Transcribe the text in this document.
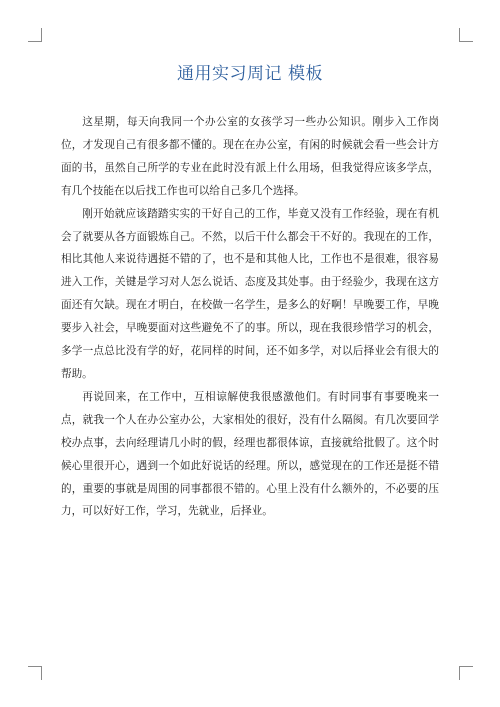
通用实习周记 模板

这星期，每天向我同一个办公室的女孩学习一些办公知识。刚步入工作岗位，才发现自己有很多都不懂的。现在在办公室，有闲的时候就会看一些会计方面的书，虽然自己所学的专业在此时没有派上什么用场，但我觉得应该多学点，有几个技能在以后找工作也可以给自己多几个选择。

刚开始就应该踏踏实实的干好自己的工作，毕竟又没有工作经验，现在有机会了就要从各方面锻炼自己。不然，以后干什么都会干不好的。我现在的工作，相比其他人来说待遇挺不错的了，也不是和其他人比，工作也不是很难，很容易进入工作，关键是学习对人怎么说话、态度及其处事。由于经验少，我现在这方面还有欠缺。现在才明白，在校做一名学生，是多么的好啊！早晚要工作，早晚要步入社会，早晚要面对这些避免不了的事。所以，现在我很珍惜学习的机会，多学一点总比没有学的好，花同样的时间，还不如多学，对以后择业会有很大的帮助。

再说回来，在工作中，互相谅解使我很感激他们。有时同事有事要晚来一点，就我一个人在办公室办公，大家相处的很好，没有什么隔阂。有几次要回学校办点事，去向经理请几小时的假，经理也都很体谅，直接就给批假了。这个时候心里很开心，遇到一个如此好说话的经理。所以，感觉现在的工作还是挺不错的，重要的事就是周围的同事都很不错的。心里上没有什么额外的，不必要的压力，可以好好工作，学习，先就业，后择业。
